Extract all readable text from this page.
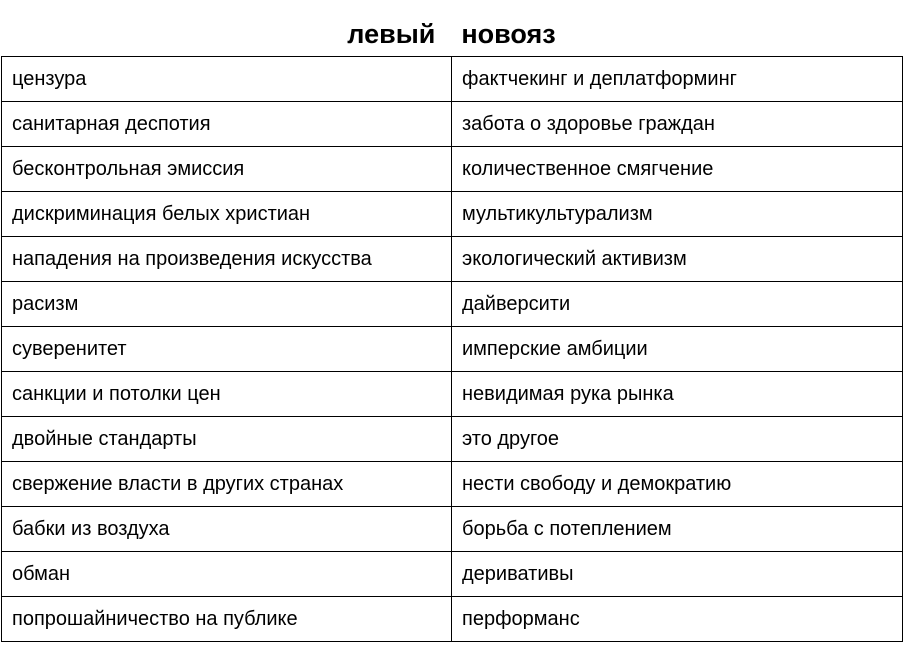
левый новояз
цензура	фактчекинг и деплатформинг
санитарная деспотия	забота о здоровье граждан
бесконтрольная эмиссия	количественное смягчение
дискриминация белых христиан	мультикультурализм
нападения на произведения искусства	экологический активизм
расизм	дайверсити
суверенитет	имперские амбиции
санкции и потолки цен	невидимая рука рынка
двойные стандарты	это другое
свержение власти в других странах	нести свободу и демократию
бабки из воздуха	борьба с потеплением
обман	деривативы
попрошайничество на публике	перформанс
